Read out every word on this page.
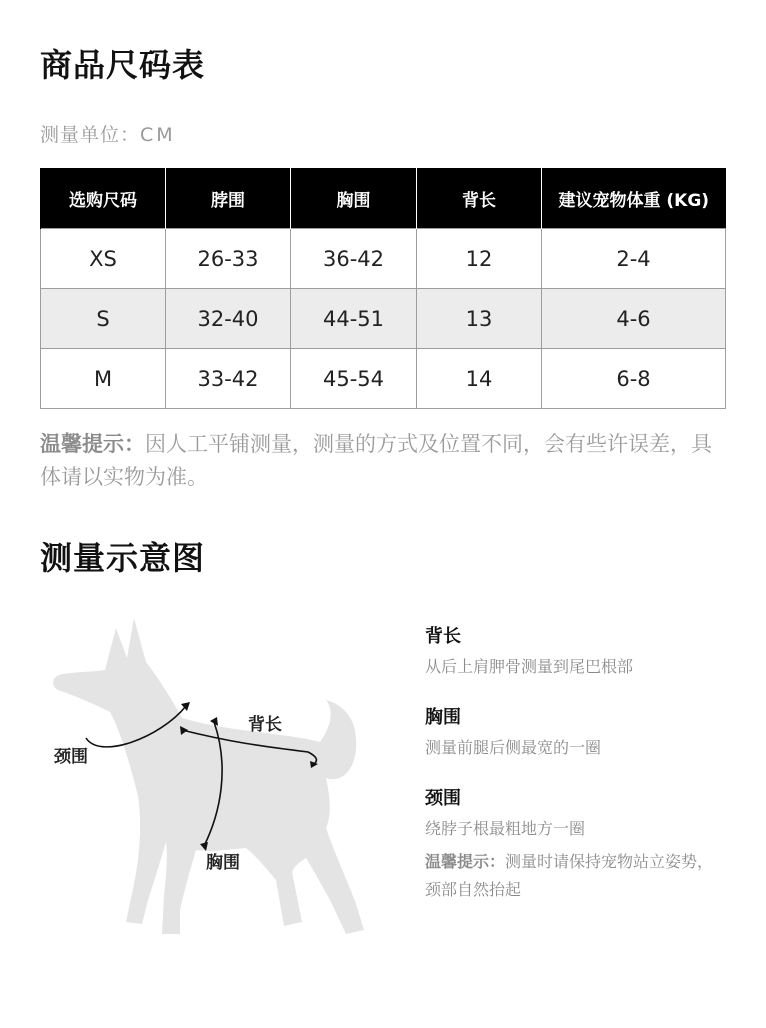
商品尺码表
测量单位：CM
选购尺码	脖围	胸围	背长	建议宠物体重 (KG)
XS	26-33	36-42	12	2-4
S	32-40	44-51	13	4-6
M	33-42	45-54	14	6-8
温馨提示：因人工平铺测量，测量的方式及位置不同，会有些许误差，具体请以实物为准。
测量示意图
背长
颈围
胸围
背长
从后上肩胛骨测量到尾巴根部
胸围
测量前腿后侧最宽的一圈
颈围
绕脖子根最粗地方一圈
温馨提示：测量时请保持宠物站立姿势，颈部自然抬起
